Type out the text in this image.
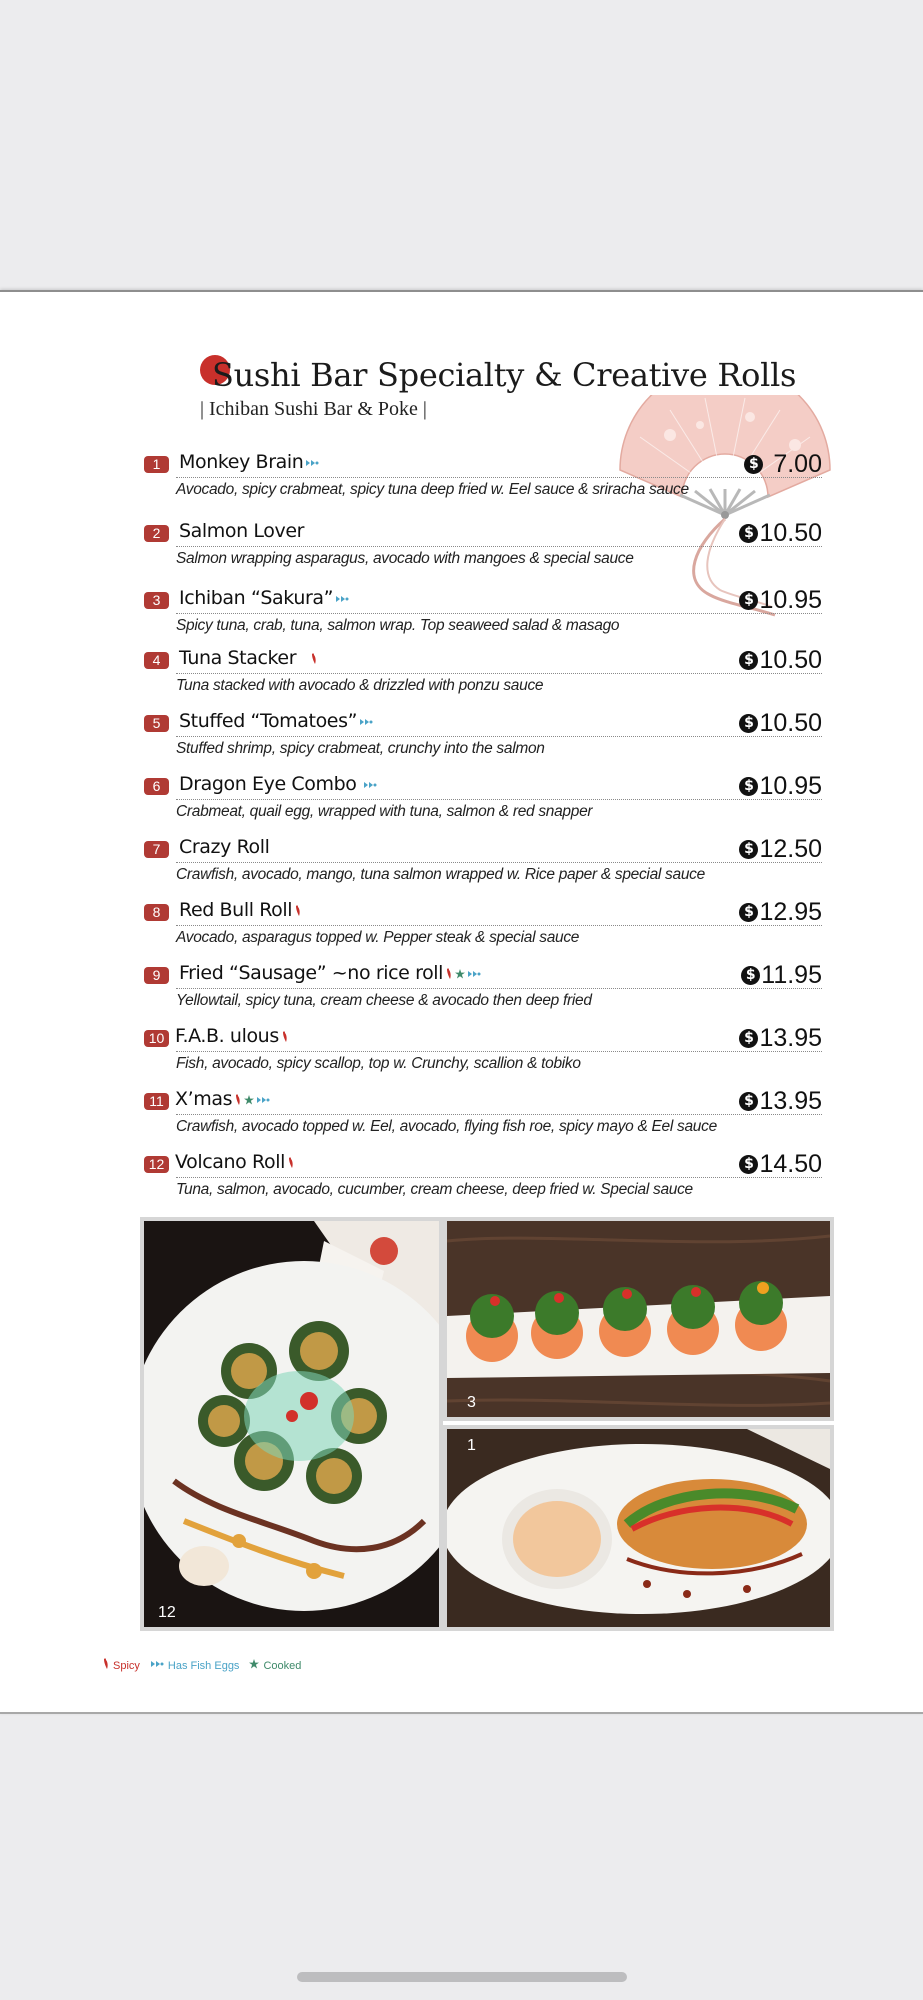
Sushi Bar Specialty & Creative Rolls
| Ichiban Sushi Bar & Poke |
1 Monkey Brain
Avocado, spicy crabmeat, spicy tuna deep fried w. Eel sauce & sriracha sauce
$ 7.00
2 Salmon Lover
Salmon wrapping asparagus, avocado with mangoes & special sauce
$ 10.50
3 Ichiban “Sakura”
Spicy tuna, crab, tuna, salmon wrap. Top seaweed salad & masago
$ 10.95
4 Tuna Stacker
Tuna stacked with avocado & drizzled with ponzu sauce
$ 10.50
5 Stuffed “Tomatoes”
Stuffed shrimp, spicy crabmeat, crunchy into the salmon
$ 10.50
6 Dragon Eye Combo
Crabmeat, quail egg, wrapped with tuna, salmon & red snapper
$ 10.95
7 Crazy Roll
Crawfish, avocado, mango, tuna salmon wrapped w. Rice paper & special sauce
$ 12.50
8 Red Bull Roll
Avocado, asparagus topped w. Pepper steak & special sauce
$ 12.95
9 Fried “Sausage” ~no rice roll
Yellowtail, spicy tuna, cream cheese & avocado then deep fried
$ 11.95
10 F.A.B. ulous
Fish, avocado, spicy scallop, top w. Crunchy, scallion & tobiko
$ 13.95
11 X’mas
Crawfish, avocado topped w. Eel, avocado, flying fish roe, spicy mayo & Eel sauce
$ 13.95
12 Volcano Roll
Tuna, salmon, avocado, cucumber, cream cheese, deep fried w. Special sauce
$ 14.50
12
3
1
Spicy	Has Fish Eggs Cooked
